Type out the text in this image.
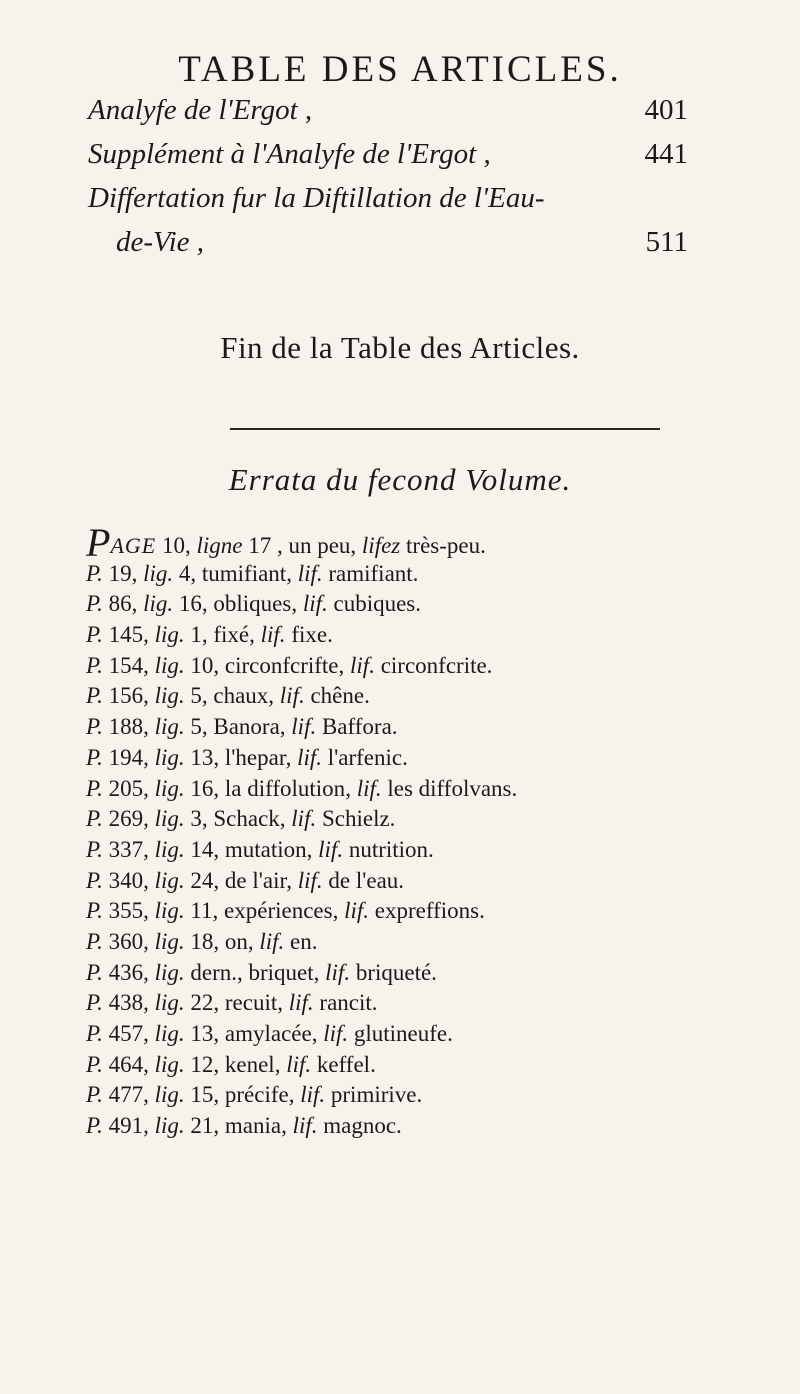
TABLE DES ARTICLES.
Analyfe de l'Ergot ,	401
Supplément à l'Analyfe de l'Ergot ,	441
Differtation fur la Diftillation de l'Eau-
de-Vie ,	511
Fin de la Table des Articles.
Errata du fecond Volume.
PAGE 10, ligne 17 , un peu, lifez très-peu.
P. 19, lig. 4, tumifiant, lif. ramifiant.
P. 86, lig. 16, obliques, lif. cubiques.
P. 145, lig. 1, fixé, lif. fixe.
P. 154, lig. 10, circonfcrifte, lif. circonfcrite.
P. 156, lig. 5, chaux, lif. chêne.
P. 188, lig. 5, Banora, lif. Baffora.
P. 194, lig. 13, l'hepar, lif. l'arfenic.
P. 205, lig. 16, la diffolution, lif. les diffolvans.
P. 269, lig. 3, Schack, lif. Schielz.
P. 337, lig. 14, mutation, lif. nutrition.
P. 340, lig. 24, de l'air, lif. de l'eau.
P. 355, lig. 11, expériences, lif. expreffions.
P. 360, lig. 18, on, lif. en.
P. 436, lig. dern., briquet, lif. briqueté.
P. 438, lig. 22, recuit, lif. rancit.
P. 457, lig. 13, amylacée, lif. glutineufe.
P. 464, lig. 12, kenel, lif. keffel.
P. 477, lig. 15, précife, lif. primirive.
P. 491, lig. 21, mania, lif. magnoc.
